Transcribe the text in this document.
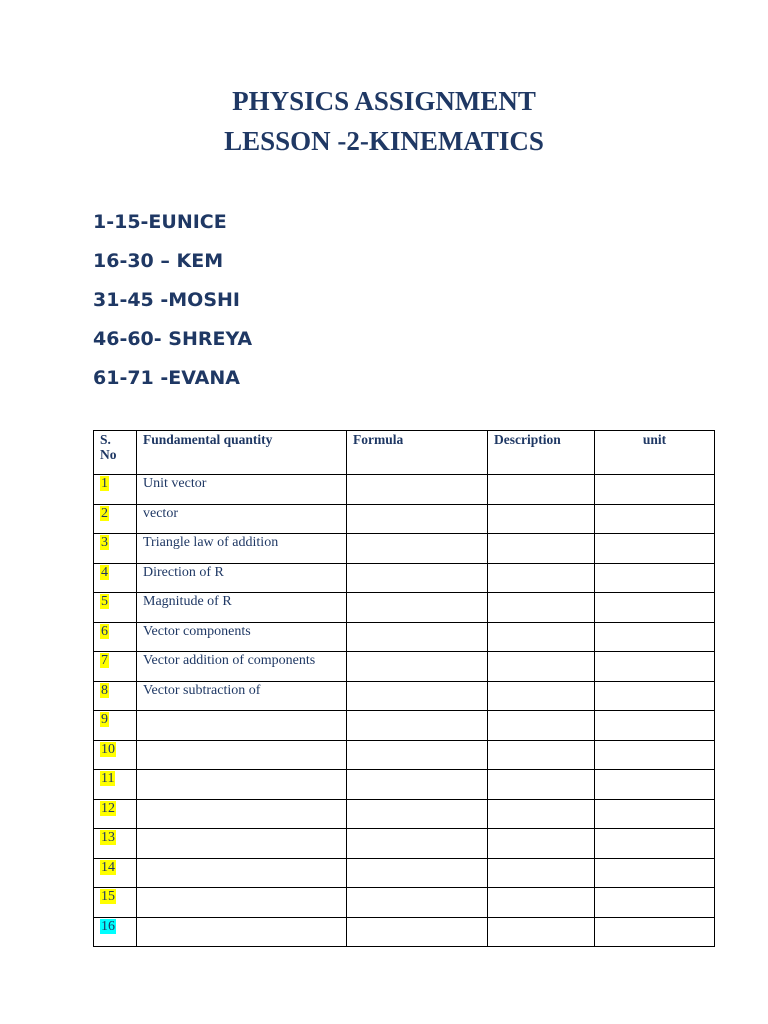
PHYSICS ASSIGNMENT
LESSON -2-KINEMATICS
1-15-EUNICE
16-30 – KEM
31-45 -MOSHI
46-60- SHREYA
61-71 -EVANA
S.
No	Fundamental quantity	Formula	Description	unit
1	Unit vector			
2	vector			
3	Triangle law of addition			
4	Direction of R			
5	Magnitude of R			
6	Vector components			
7	Vector addition of components			
8	Vector subtraction of			
9				
10				
11				
12				
13				
14				
15				
16				
